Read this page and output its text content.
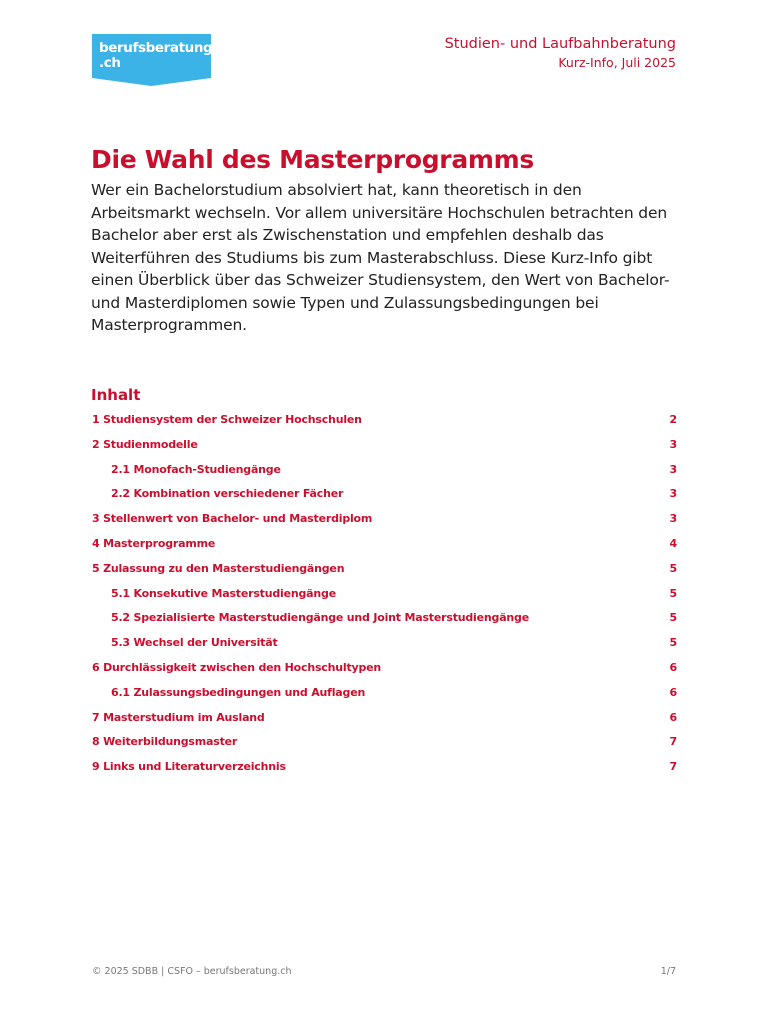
berufsberatung
.ch
Studien- und Laufbahnberatung
Kurz-Info, Juli 2025
Die Wahl des Masterprogramms

Wer ein Bachelorstudium absolviert hat, kann theoretisch in den Arbeitsmarkt wechseln. Vor allem universitäre Hochschulen betrachten den Bachelor aber erst als Zwischenstation und empfehlen deshalb das Weiterführen des Studiums bis zum Masterabschluss. Diese Kurz-Info gibt einen Überblick über das Schweizer Studiensystem, den Wert von Bachelor- und Masterdiplomen sowie Typen und Zulassungsbedingungen bei Masterprogrammen.

Inhalt
1 Studiensystem der Schweizer Hochschulen	2
2 Studienmodelle	3
2.1 Monofach-Studiengänge	3
2.2 Kombination verschiedener Fächer	3
3 Stellenwert von Bachelor- und Masterdiplom	3
4 Masterprogramme	4
5 Zulassung zu den Masterstudiengängen	5
5.1 Konsekutive Masterstudiengänge	5
5.2 Spezialisierte Masterstudiengänge und Joint Masterstudiengänge	5
5.3 Wechsel der Universität	5
6 Durchlässigkeit zwischen den Hochschultypen	6
6.1 Zulassungsbedingungen und Auflagen	6
7 Masterstudium im Ausland	6
8 Weiterbildungsmaster	7
9 Links und Literaturverzeichnis	7
© 2025 SDBB | CSFO – berufsberatung.ch	1/7
